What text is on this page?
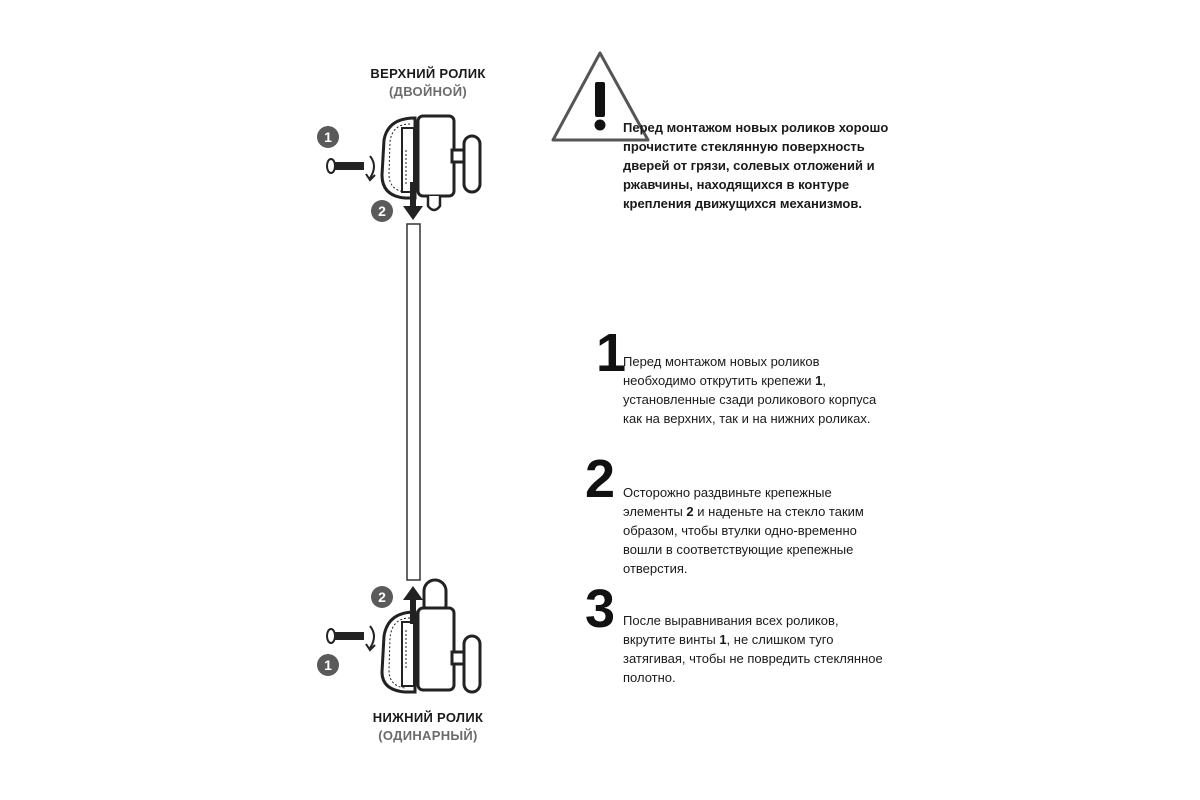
ВЕРХНИЙ РОЛИК
(ДВОЙНОЙ)
НИЖНИЙ РОЛИК
(ОДИНАРНЫЙ)
1
2
2
1
Перед монтажом новых роликов хорошо прочистите стеклянную поверхность дверей от грязи, солевых отложений и ржавчины, находящихся в контуре крепления движущихся механизмов.
1
Перед монтажом новых роликов необходимо открутить крепежи 1, установленные сзади роликового корпуса как на верхних, так и на нижних роликах.
2 Осторожно раздвиньте крепежные элементы 2 и наденьте на стекло таким образом, чтобы втулки одно-временно вошли в соответствующие крепежные отверстия.
3 После выравнивания всех роликов, вкрутите винты 1, не слишком туго затягивая, чтобы не повредить стеклянное полотно.
